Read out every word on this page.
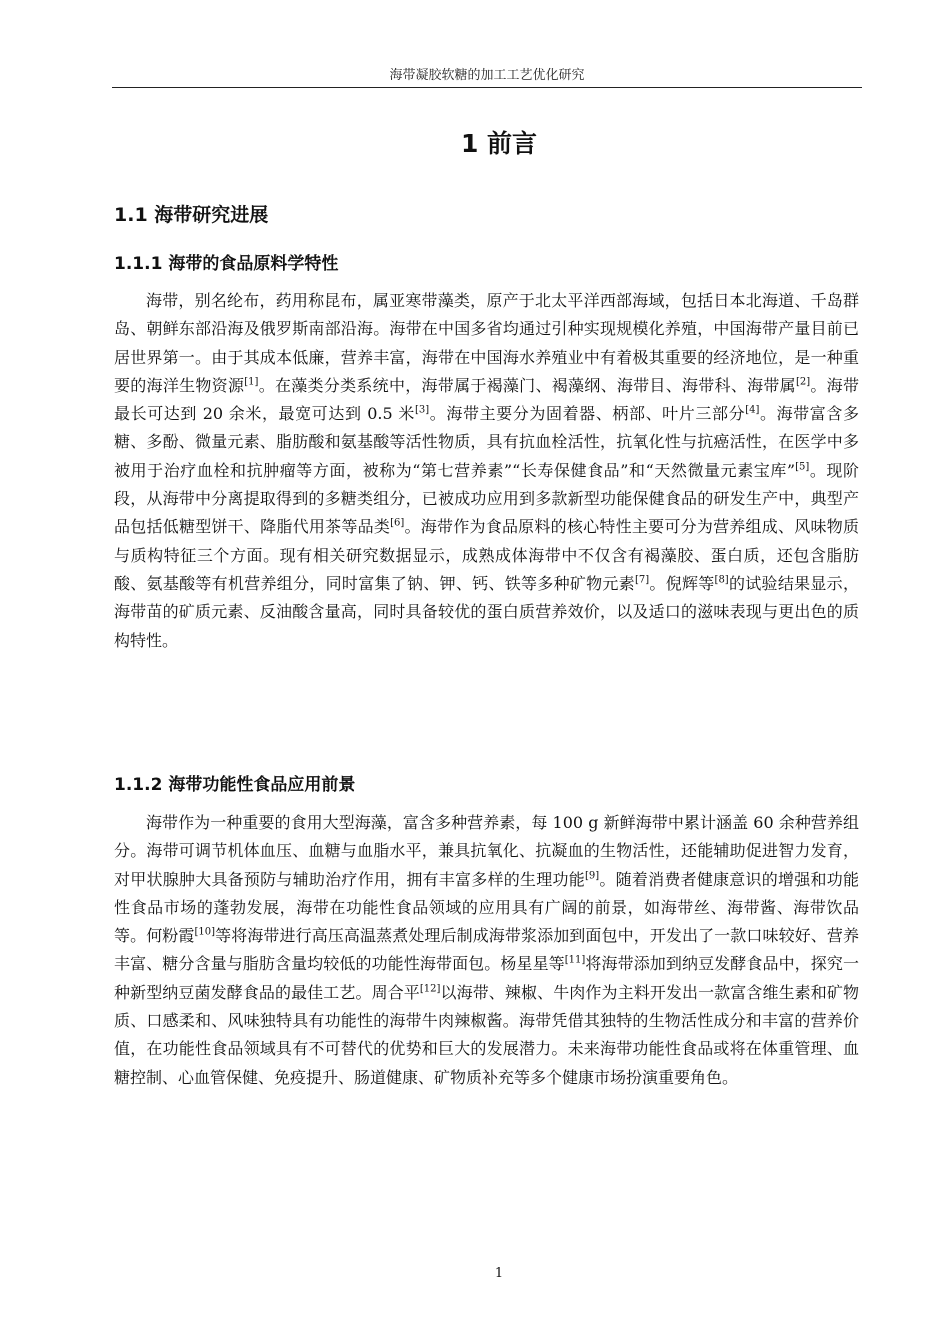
海带凝胶软糖的加工工艺优化研究
1 前言
1.1 海带研究进展
1.1.1 海带的食品原料学特性

海带，别名纶布，药用称昆布，属亚寒带藻类，原产于北太平洋西部海域，包括日本北海道、千岛群岛、朝鲜东部沿海及俄罗斯南部沿海。海带在中国多省均通过引种实现规模化养殖，中国海带产量目前已居世界第一。由于其成本低廉，营养丰富，海带在中国海水养殖业中有着极其重要的经济地位，是一种重要的海洋生物资源[1]。在藻类分类系统中，海带属于褐藻门、褐藻纲、海带目、海带科、海带属[2]。海带最长可达到 20 余米，最宽可达到 0.5 米[3]。海带主要分为固着器、柄部、叶片三部分[4]。海带富含多糖、多酚、微量元素、脂肪酸和氨基酸等活性物质，具有抗血栓活性，抗氧化性与抗癌活性，在医学中多被用于治疗血栓和抗肿瘤等方面，被称为“第七营养素”“长寿保健食品”和“天然微量元素宝库”[5]。现阶段，从海带中分离提取得到的多糖类组分，已被成功应用到多款新型功能保健食品的研发生产中，典型产品包括低糖型饼干、降脂代用茶等品类[6]。海带作为食品原料的核心特性主要可分为营养组成、风味物质与质构特征三个方面。现有相关研究数据显示，成熟成体海带中不仅含有褐藻胶、蛋白质，还包含脂肪酸、氨基酸等有机营养组分，同时富集了钠、钾、钙、铁等多种矿物元素[7]。倪辉等[8]的试验结果显示，海带苗的矿质元素、反油酸含量高，同时具备较优的蛋白质营养效价，以及适口的滋味表现与更出色的质构特性。

1.1.2 海带功能性食品应用前景

海带作为一种重要的食用大型海藻，富含多种营养素，每 100 g 新鲜海带中累计涵盖 60 余种营养组分。海带可调节机体血压、血糖与血脂水平，兼具抗氧化、抗凝血的生物活性，还能辅助促进智力发育，对甲状腺肿大具备预防与辅助治疗作用，拥有丰富多样的生理功能[9]。随着消费者健康意识的增强和功能性食品市场的蓬勃发展，海带在功能性食品领域的应用具有广阔的前景，如海带丝、海带酱、海带饮品等。何粉霞[10]等将海带进行高压高温蒸煮处理后制成海带浆添加到面包中，开发出了一款口味较好、营养丰富、糖分含量与脂肪含量均较低的功能性海带面包。杨星星等[11]将海带添加到纳豆发酵食品中，探究一种新型纳豆菌发酵食品的最佳工艺。周合平[12]以海带、辣椒、牛肉作为主料开发出一款富含维生素和矿物质、口感柔和、风味独特具有功能性的海带牛肉辣椒酱。海带凭借其独特的生物活性成分和丰富的营养价值，在功能性食品领域具有不可替代的优势和巨大的发展潜力。未来海带功能性食品或将在体重管理、血糖控制、心血管保健、免疫提升、肠道健康、矿物质补充等多个健康市场扮演重要角色。

1
